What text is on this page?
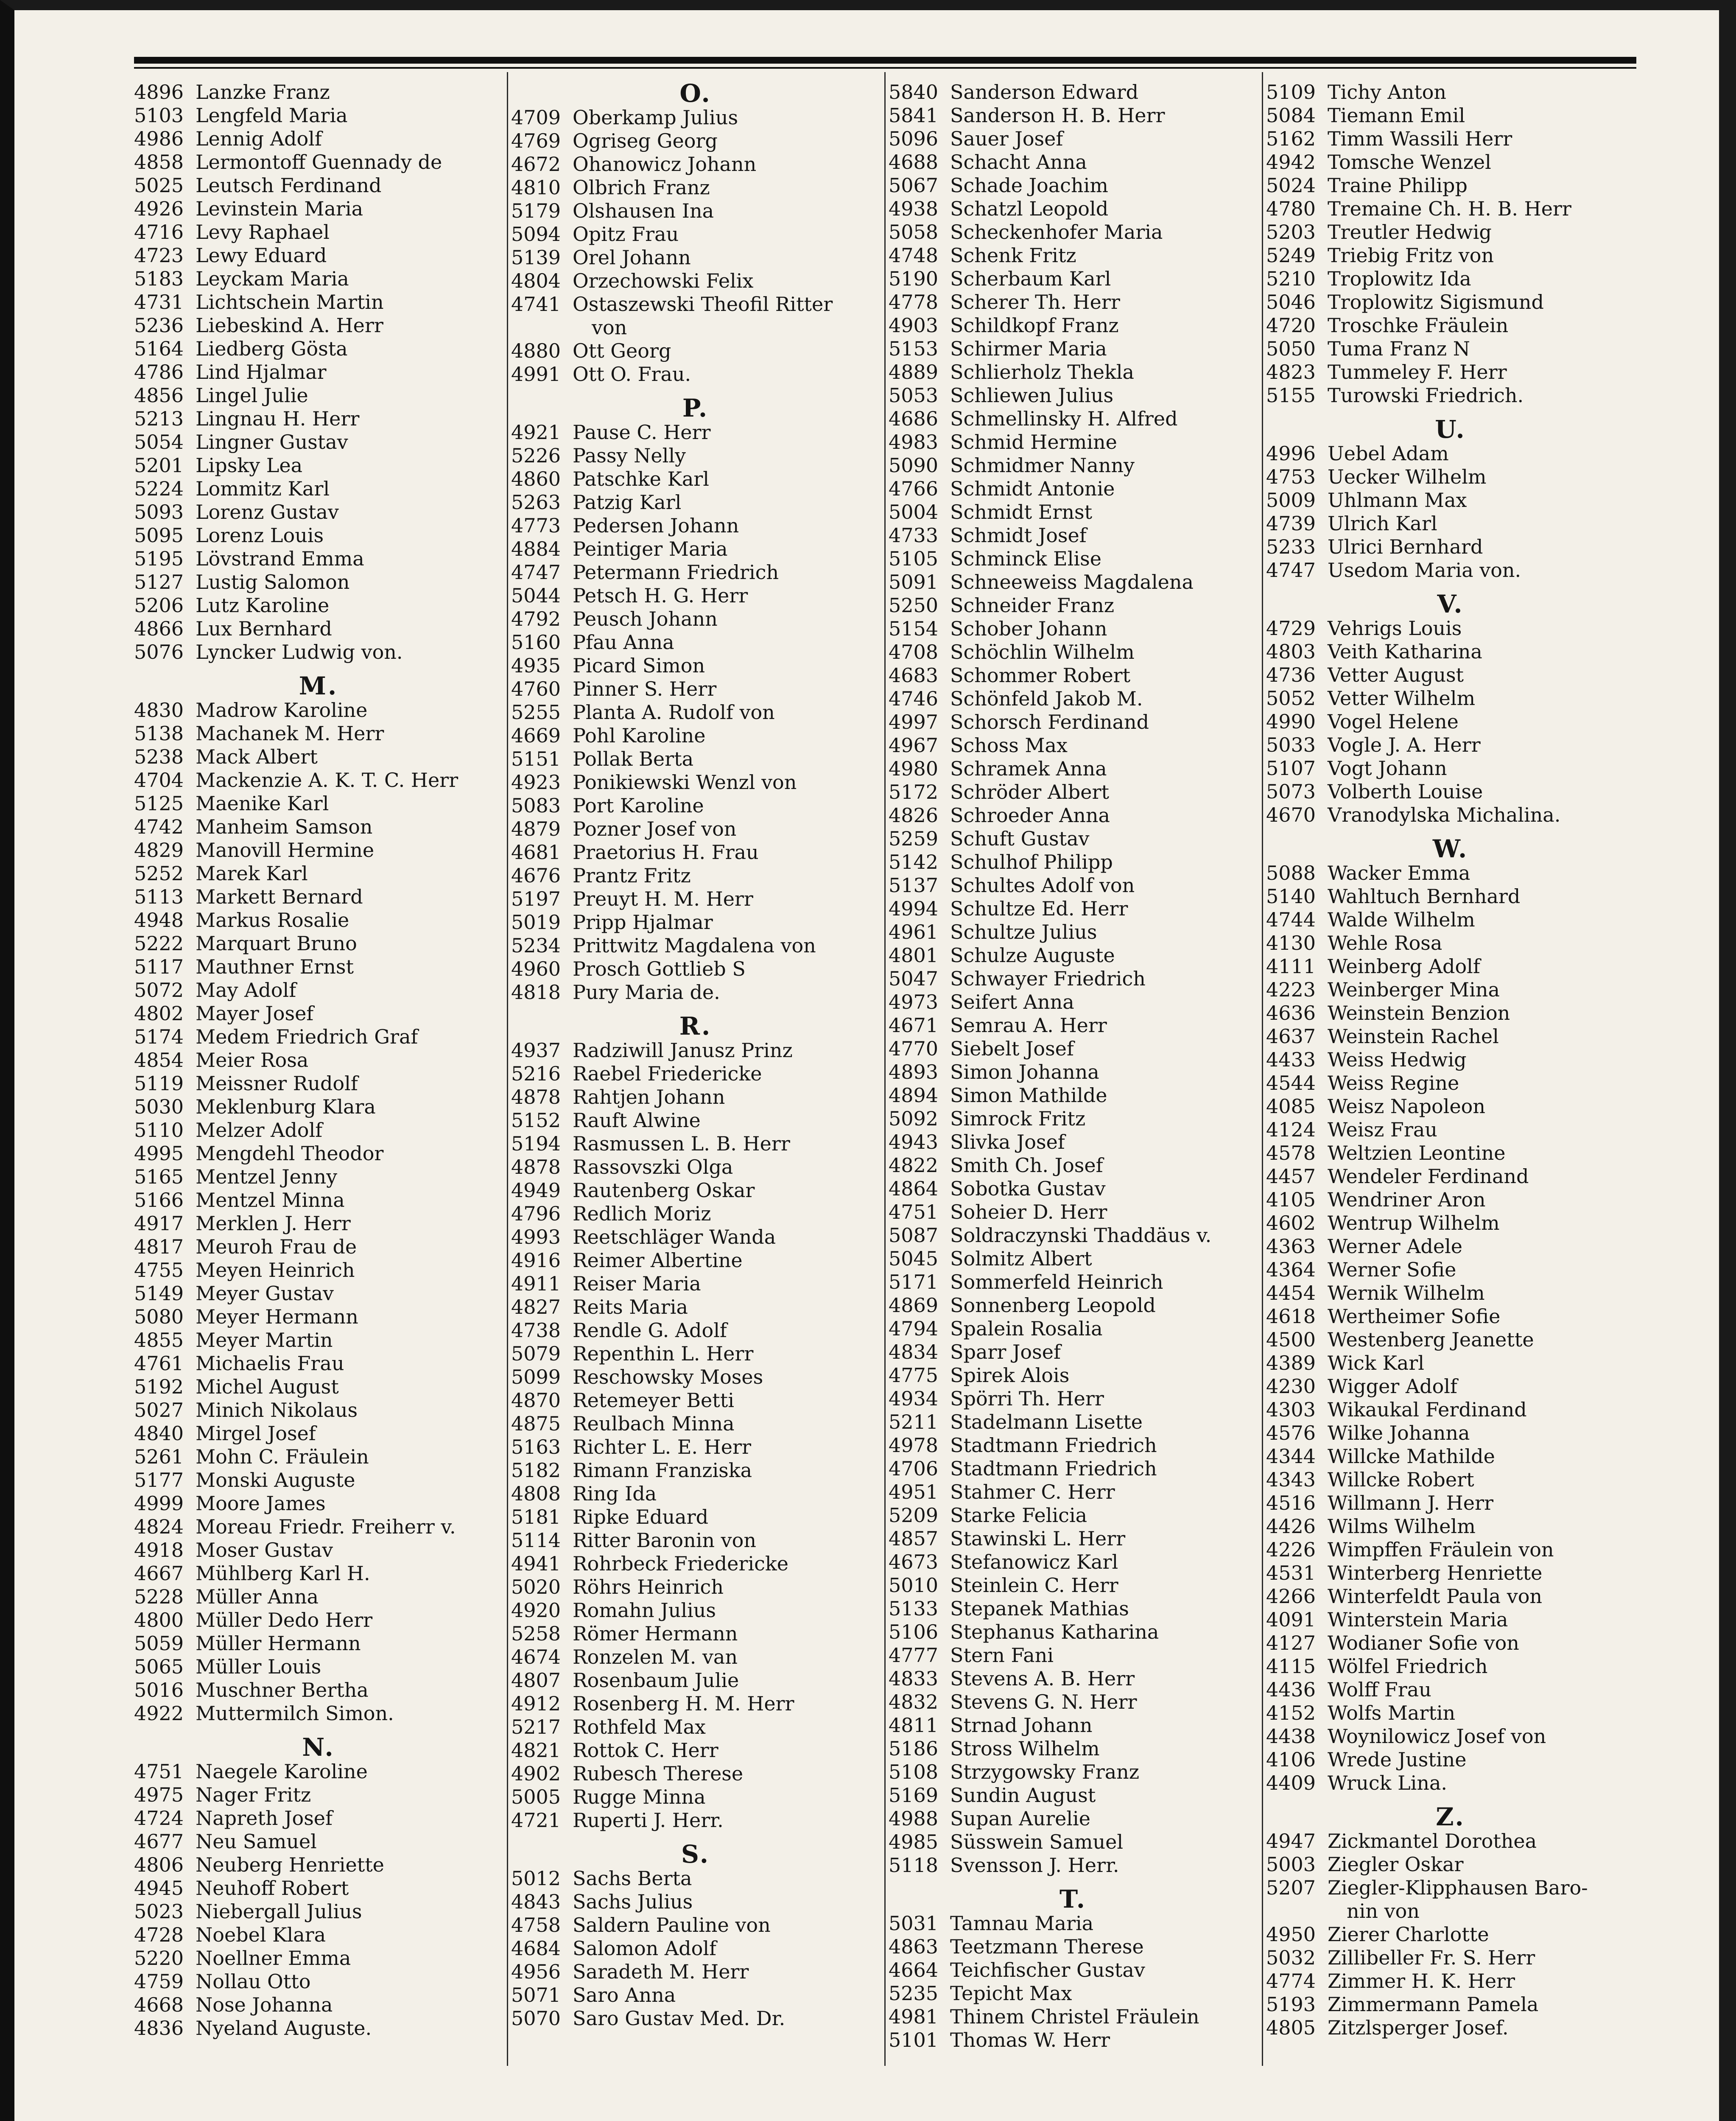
4896 Lanzke Franz
5103 Lengfeld Maria
4986 Lennig Adolf
4858 Lermontoff Guennady de
5025 Leutsch Ferdinand
4926 Levinstein Maria
4716 Levy Raphael
4723 Lewy Eduard
5183 Leyckam Maria
4731 Lichtschein Martin
5236 Liebeskind A. Herr
5164 Liedberg Gösta
4786 Lind Hjalmar
4856 Lingel Julie
5213 Lingnau H. Herr
5054 Lingner Gustav
5201 Lipsky Lea
5224 Lommitz Karl
5093 Lorenz Gustav
5095 Lorenz Louis
5195 Lövstrand Emma
5127 Lustig Salomon
5206 Lutz Karoline
4866 Lux Bernhard
5076 Lyncker Ludwig von.
M.
4830 Madrow Karoline
5138 Machanek M. Herr
5238 Mack Albert
4704 Mackenzie A. K. T. C. Herr
5125 Maenike Karl
4742 Manheim Samson
4829 Manovill Hermine
5252 Marek Karl
5113 Markett Bernard
4948 Markus Rosalie
5222 Marquart Bruno
5117 Mauthner Ernst
5072 May Adolf
4802 Mayer Josef
5174 Medem Friedrich Graf
4854 Meier Rosa
5119 Meissner Rudolf
5030 Meklenburg Klara
5110 Melzer Adolf
4995 Mengdehl Theodor
5165 Mentzel Jenny
5166 Mentzel Minna
4917 Merklen J. Herr
4817 Meuroh Frau de
4755 Meyen Heinrich
5149 Meyer Gustav
5080 Meyer Hermann
4855 Meyer Martin
4761 Michaelis Frau
5192 Michel August
5027 Minich Nikolaus
4840 Mirgel Josef
5261 Mohn C. Fräulein
5177 Monski Auguste
4999 Moore James
4824 Moreau Friedr. Freiherr v.
4918 Moser Gustav
4667 Mühlberg Karl H.
5228 Müller Anna
4800 Müller Dedo Herr
5059 Müller Hermann
5065 Müller Louis
5016 Muschner Bertha
4922 Muttermilch Simon.
N.
4751 Naegele Karoline
4975 Nager Fritz
4724 Napreth Josef
4677 Neu Samuel
4806 Neuberg Henriette
4945 Neuhoff Robert
5023 Niebergall Julius
4728 Noebel Klara
5220 Noellner Emma
4759 Nollau Otto
4668 Nose Johanna
4836 Nyeland Auguste.
O.
4709 Oberkamp Julius
4769 Ogriseg Georg
4672 Ohanowicz Johann
4810 Olbrich Franz
5179 Olshausen Ina
5094 Opitz Frau
5139 Orel Johann
4804 Orzechowski Felix
4741 Ostaszewski Theofil Ritter
von
4880 Ott Georg
4991 Ott O. Frau.
P.
4921 Pause C. Herr
5226 Passy Nelly
4860 Patschke Karl
5263 Patzig Karl
4773 Pedersen Johann
4884 Peintiger Maria
4747 Petermann Friedrich
5044 Petsch H. G. Herr
4792 Peusch Johann
5160 Pfau Anna
4935 Picard Simon
4760 Pinner S. Herr
5255 Planta A. Rudolf von
4669 Pohl Karoline
5151 Pollak Berta
4923 Ponikiewski Wenzl von
5083 Port Karoline
4879 Pozner Josef von
4681 Praetorius H. Frau
4676 Prantz Fritz
5197 Preuyt H. M. Herr
5019 Pripp Hjalmar
5234 Prittwitz Magdalena von
4960 Prosch Gottlieb S
4818 Pury Maria de.
R.
4937 Radziwill Janusz Prinz
5216 Raebel Friedericke
4878 Rahtjen Johann
5152 Rauft Alwine
5194 Rasmussen L. B. Herr
4878 Rassovszki Olga
4949 Rautenberg Oskar
4796 Redlich Moriz
4993 Reetschläger Wanda
4916 Reimer Albertine
4911 Reiser Maria
4827 Reits Maria
4738 Rendle G. Adolf
5079 Repenthin L. Herr
5099 Reschowsky Moses
4870 Retemeyer Betti
4875 Reulbach Minna
5163 Richter L. E. Herr
5182 Rimann Franziska
4808 Ring Ida
5181 Ripke Eduard
5114 Ritter Baronin von
4941 Rohrbeck Friedericke
5020 Röhrs Heinrich
4920 Romahn Julius
5258 Römer Hermann
4674 Ronzelen M. van
4807 Rosenbaum Julie
4912 Rosenberg H. M. Herr
5217 Rothfeld Max
4821 Rottok C. Herr
4902 Rubesch Therese
5005 Rugge Minna
4721 Ruperti J. Herr.
S.
5012 Sachs Berta
4843 Sachs Julius
4758 Saldern Pauline von
4684 Salomon Adolf
4956 Saradeth M. Herr
5071 Saro Anna
5070 Saro Gustav Med. Dr.
5840 Sanderson Edward
5841 Sanderson H. B. Herr
5096 Sauer Josef
4688 Schacht Anna
5067 Schade Joachim
4938 Schatzl Leopold
5058 Scheckenhofer Maria
4748 Schenk Fritz
5190 Scherbaum Karl
4778 Scherer Th. Herr
4903 Schildkopf Franz
5153 Schirmer Maria
4889 Schlierholz Thekla
5053 Schliewen Julius
4686 Schmellinsky H. Alfred
4983 Schmid Hermine
5090 Schmidmer Nanny
4766 Schmidt Antonie
5004 Schmidt Ernst
4733 Schmidt Josef
5105 Schminck Elise
5091 Schneeweiss Magdalena
5250 Schneider Franz
5154 Schober Johann
4708 Schöchlin Wilhelm
4683 Schommer Robert
4746 Schönfeld Jakob M.
4997 Schorsch Ferdinand
4967 Schoss Max
4980 Schramek Anna
5172 Schröder Albert
4826 Schroeder Anna
5259 Schuft Gustav
5142 Schulhof Philipp
5137 Schultes Adolf von
4994 Schultze Ed. Herr
4961 Schultze Julius
4801 Schulze Auguste
5047 Schwayer Friedrich
4973 Seifert Anna
4671 Semrau A. Herr
4770 Siebelt Josef
4893 Simon Johanna
4894 Simon Mathilde
5092 Simrock Fritz
4943 Slivka Josef
4822 Smith Ch. Josef
4864 Sobotka Gustav
4751 Soheier D. Herr
5087 Soldraczynski Thaddäus v.
5045 Solmitz Albert
5171 Sommerfeld Heinrich
4869 Sonnenberg Leopold
4794 Spalein Rosalia
4834 Sparr Josef
4775 Spirek Alois
4934 Spörri Th. Herr
5211 Stadelmann Lisette
4978 Stadtmann Friedrich
4706 Stadtmann Friedrich
4951 Stahmer C. Herr
5209 Starke Felicia
4857 Stawinski L. Herr
4673 Stefanowicz Karl
5010 Steinlein C. Herr
5133 Stepanek Mathias
5106 Stephanus Katharina
4777 Stern Fani
4833 Stevens A. B. Herr
4832 Stevens G. N. Herr
4811 Strnad Johann
5186 Stross Wilhelm
5108 Strzygowsky Franz
5169 Sundin August
4988 Supan Aurelie
4985 Süsswein Samuel
5118 Svensson J. Herr.
T.
5031 Tamnau Maria
4863 Teetzmann Therese
4664 Teichfischer Gustav
5235 Tepicht Max
4981 Thinem Christel Fräulein
5101 Thomas W. Herr
5109 Tichy Anton
5084 Tiemann Emil
5162 Timm Wassili Herr
4942 Tomsche Wenzel
5024 Traine Philipp
4780 Tremaine Ch. H. B. Herr
5203 Treutler Hedwig
5249 Triebig Fritz von
5210 Troplowitz Ida
5046 Troplowitz Sigismund
4720 Troschke Fräulein
5050 Tuma Franz N
4823 Tummeley F. Herr
5155 Turowski Friedrich.
U.
4996 Uebel Adam
4753 Uecker Wilhelm
5009 Uhlmann Max
4739 Ulrich Karl
5233 Ulrici Bernhard
4747 Usedom Maria von.
V.
4729 Vehrigs Louis
4803 Veith Katharina
4736 Vetter August
5052 Vetter Wilhelm
4990 Vogel Helene
5033 Vogle J. A. Herr
5107 Vogt Johann
5073 Volberth Louise
4670 Vranodylska Michalina.
W.
5088 Wacker Emma
5140 Wahltuch Bernhard
4744 Walde Wilhelm
4130 Wehle Rosa
4111 Weinberg Adolf
4223 Weinberger Mina
4636 Weinstein Benzion
4637 Weinstein Rachel
4433 Weiss Hedwig
4544 Weiss Regine
4085 Weisz Napoleon
4124 Weisz Frau
4578 Weltzien Leontine
4457 Wendeler Ferdinand
4105 Wendriner Aron
4602 Wentrup Wilhelm
4363 Werner Adele
4364 Werner Sofie
4454 Wernik Wilhelm
4618 Wertheimer Sofie
4500 Westenberg Jeanette
4389 Wick Karl
4230 Wigger Adolf
4303 Wikaukal Ferdinand
4576 Wilke Johanna
4344 Willcke Mathilde
4343 Willcke Robert
4516 Willmann J. Herr
4426 Wilms Wilhelm
4226 Wimpffen Fräulein von
4531 Winterberg Henriette
4266 Winterfeldt Paula von
4091 Winterstein Maria
4127 Wodianer Sofie von
4115 Wölfel Friedrich
4436 Wolff Frau
4152 Wolfs Martin
4438 Woynilowicz Josef von
4106 Wrede Justine
4409 Wruck Lina.
Z.
4947 Zickmantel Dorothea
5003 Ziegler Oskar
5207 Ziegler-Klipphausen Baro-
nin von
4950 Zierer Charlotte
5032 Zillibeller Fr. S. Herr
4774 Zimmer H. K. Herr
5193 Zimmermann Pamela
4805 Zitzlsperger Josef.
